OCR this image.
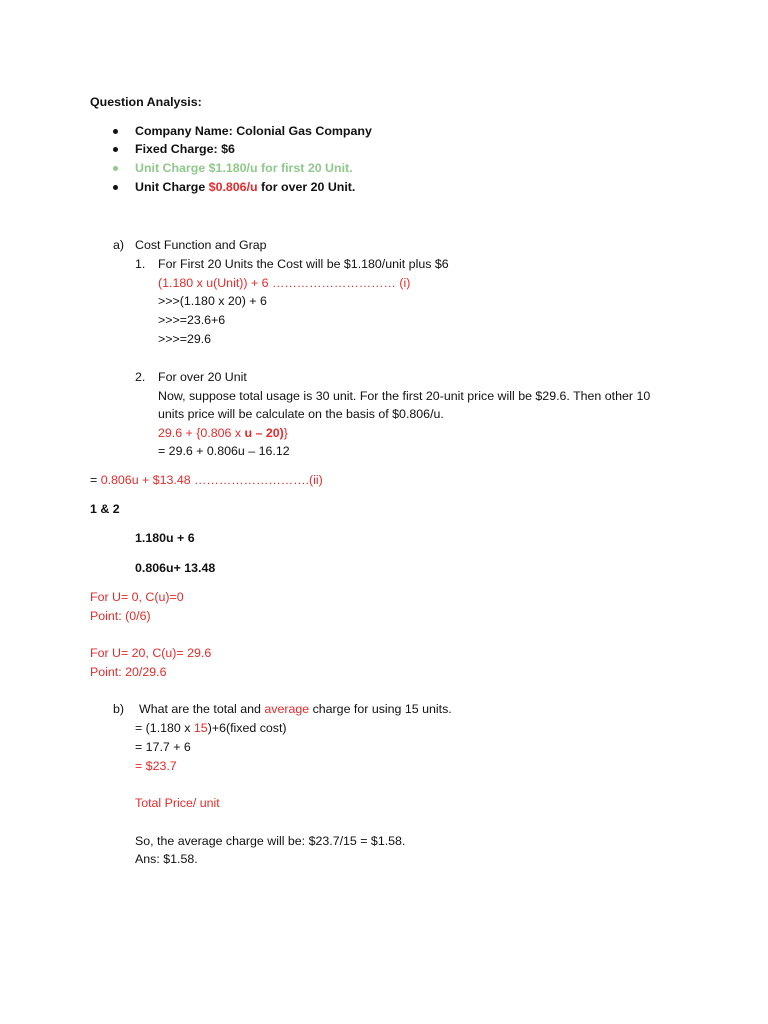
Question Analysis:
Company Name: Colonial Gas Company
Fixed Charge: $6
Unit Charge $1.180/u for first 20 Unit.
Unit Charge $0.806/u for over 20 Unit.
a) Cost Function and Grap
1. For First 20 Units the Cost will be $1.180/unit plus $6
(1.180 x u(Unit)) + 6 ………………………… (i)
>>>(1.180 x 20) + 6
>>>=23.6+6
>>>=29.6
2. For over 20 Unit
Now, suppose total usage is 30 unit. For the first 20-unit price will be $29.6. Then other 10
units price will be calculate on the basis of $0.806/u.
29.6 + {0.806 x u – 20)}
= 29.6 + 0.806u – 16.12
= 0.806u + $13.48 ……………………….(ii)
1 & 2
1.180u + 6
0.806u+ 13.48
For U= 0, C(u)=0
Point: (0/6)
For U= 20, C(u)= 29.6
Point: 20/29.6
b) What are the total and average charge for using 15 units.
= (1.180 x 15)+6(fixed cost)
= 17.7 + 6
= $23.7
Total Price/ unit
So, the average charge will be: $23.7/15 = $1.58.
Ans: $1.58.
